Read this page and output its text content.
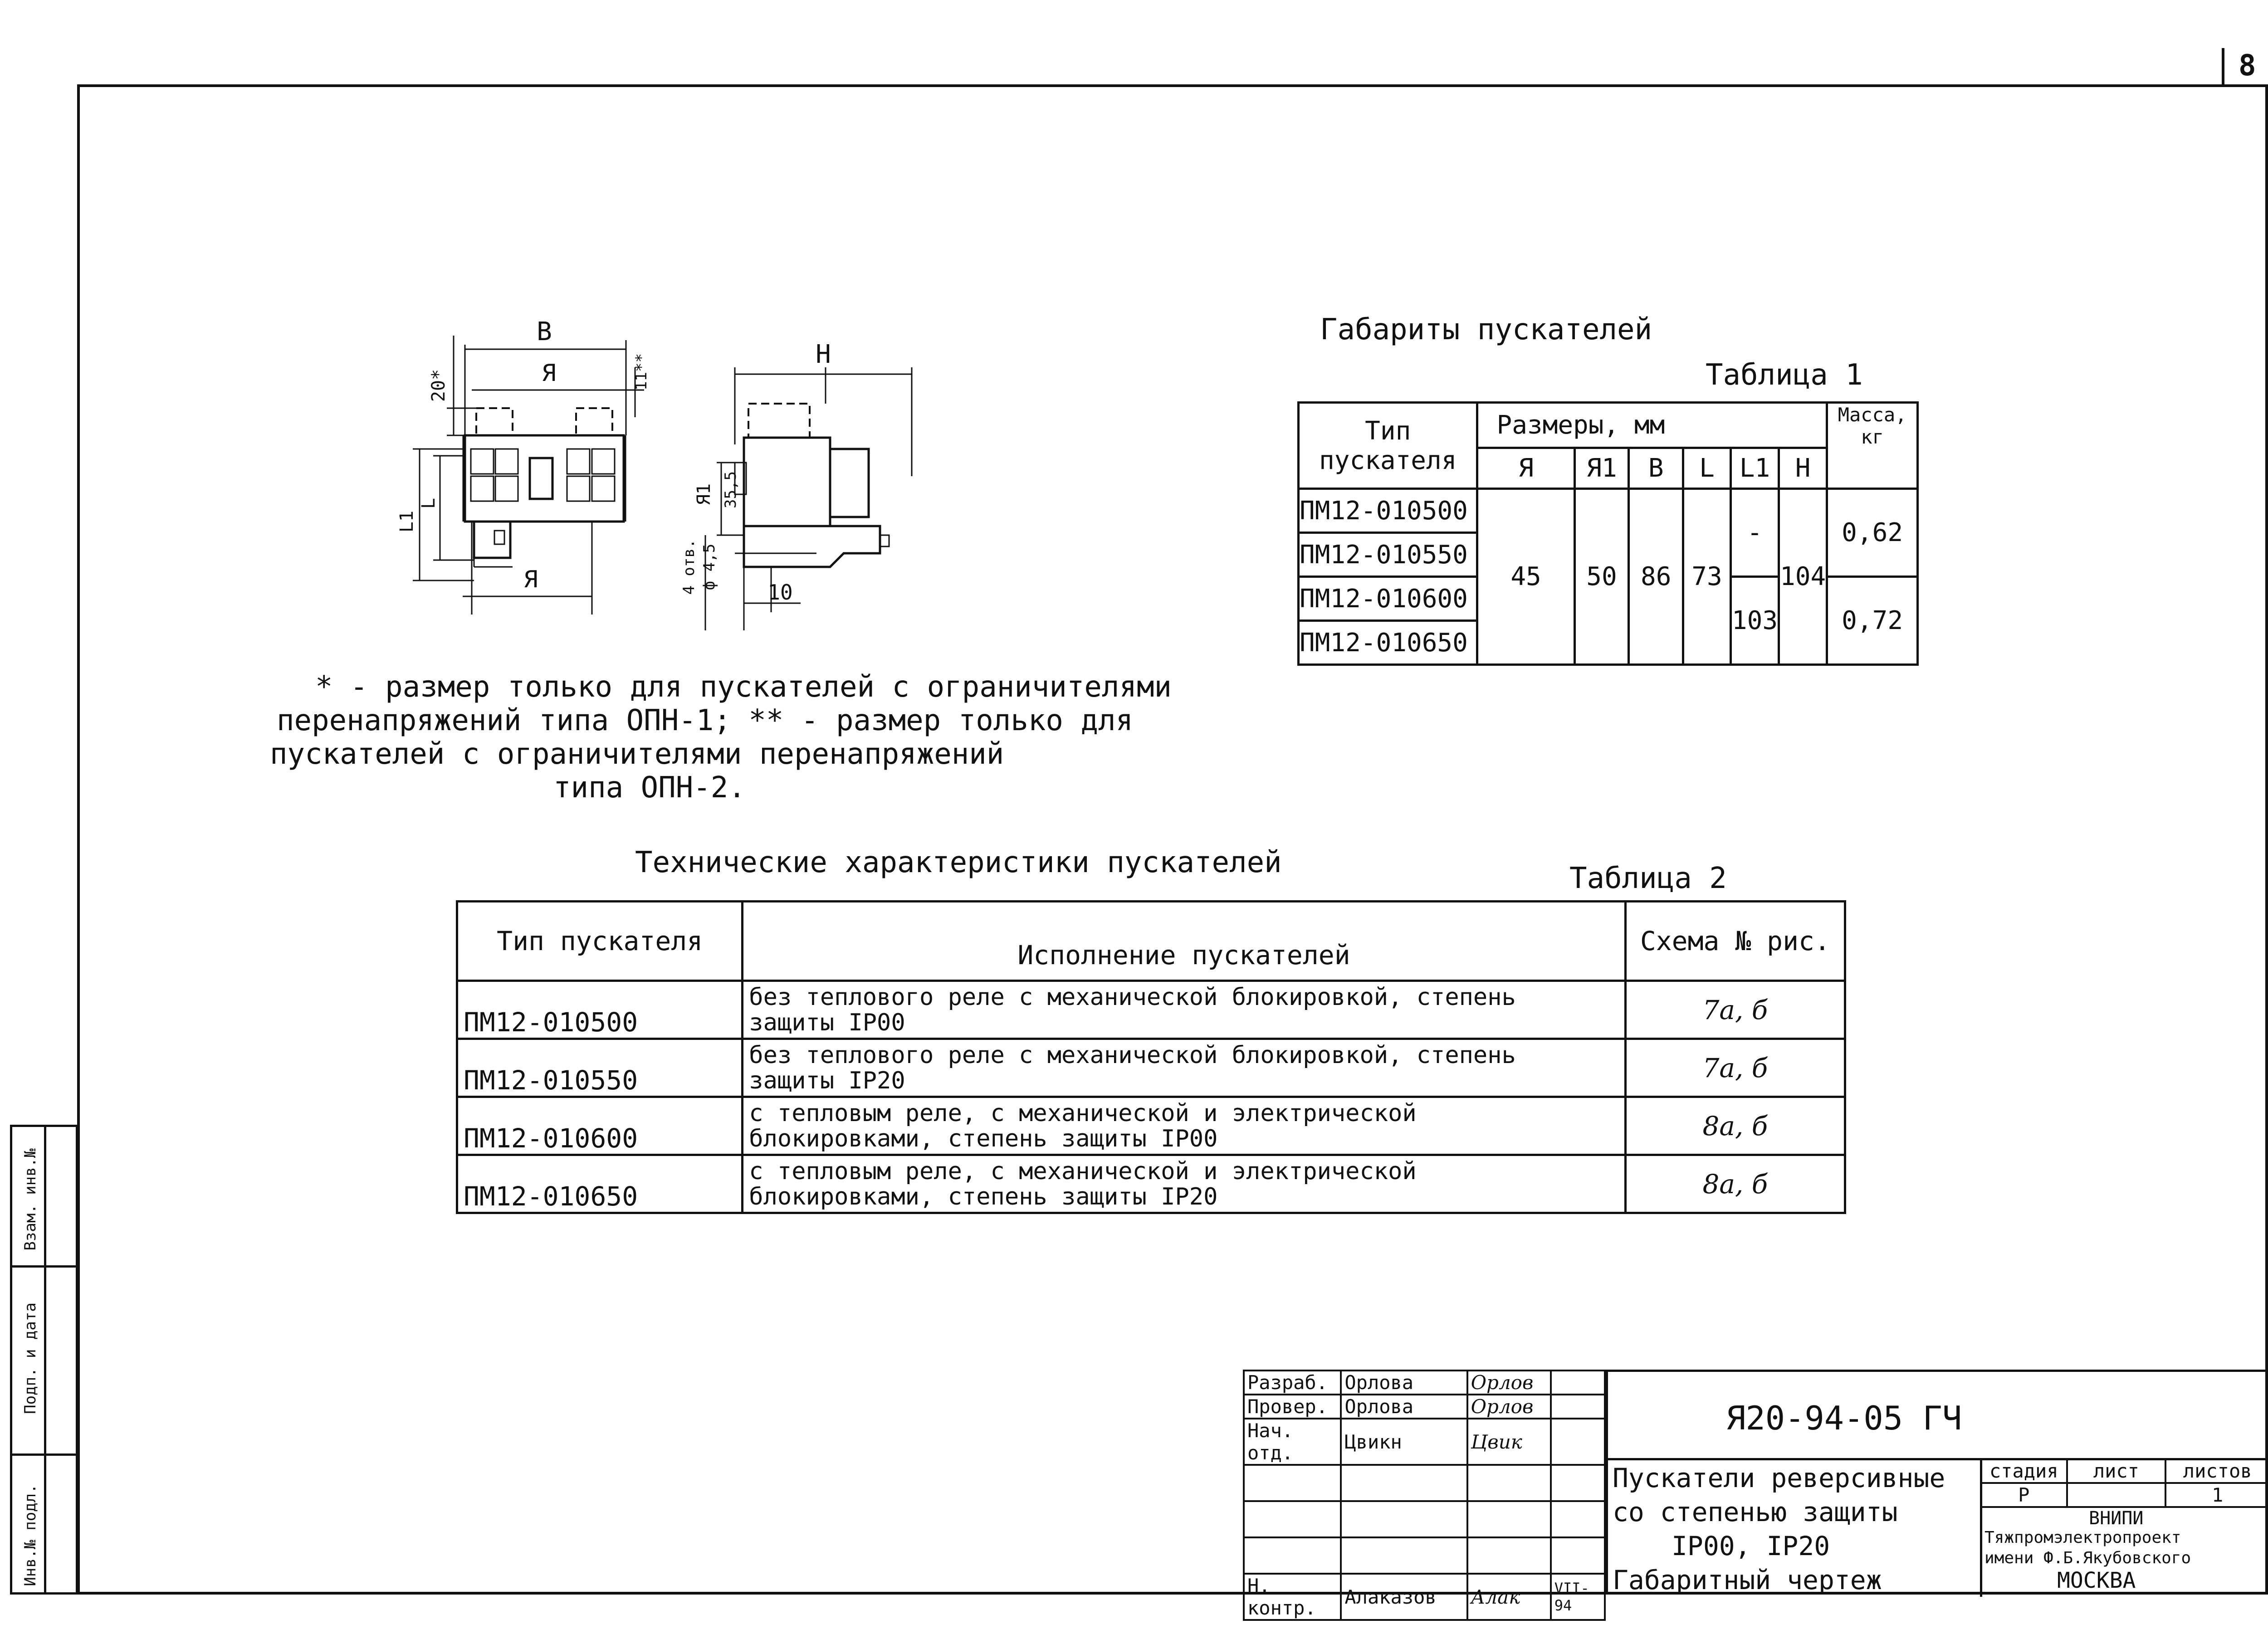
8
Инв.№ подл.
Подп. и дата
Взам. инв.№
B
Я
Я
L1
L
20*	11**	H
Я1 35,5
4 отв. ф 4,5
10
* - размер только для пускателей с ограничителями
перенапряжений типа ОПН-1; ** - размер только для
пускателей с ограничителями перенапряжений
типа ОПН-2.
Габариты пускателей
Таблица 1
Тип пускателя	Размеры, мм						Масса, кг
	Я	Я1	B	L	L1	H	
ПМ12-010500	45	50	86	73	-	104	0,62
ПМ12-010550							
ПМ12-010600					103		0,72
ПМ12-010650							
Технические характеристики пускателей	Таблица 2
Тип пускателя	Исполнение пускателей	Схема № рис.
ПМ12-010500	без теплового реле с механической блокировкой, степень
защиты IP00	7а, б
ПМ12-010550	без теплового реле с механической блокировкой, степень
защиты IP20	7а, б
ПМ12-010600	с тепловым реле, с механической и электрической
блокировками, степень защиты IP00	8а, б
ПМ12-010650	с тепловым реле, с механической и электрической
блокировками, степень защиты IP20	8а, б
Разраб.	Орлова	Орлов	
Провер.	Орлова	Орлов	
Нач. отд.	Цвикн	Цвик	

Н. контр.	Алаказов	Алак	VII-94
Я20-94-05 ГЧ
Пускатели реверсивные
со степенью защиты
IP00, IP20
Габаритный чертеж
стадия	лист	листов
Р		1
ВНИПИ
Тяжпромэлектропроект
имени Ф.Б.Якубовского
МОСКВА
